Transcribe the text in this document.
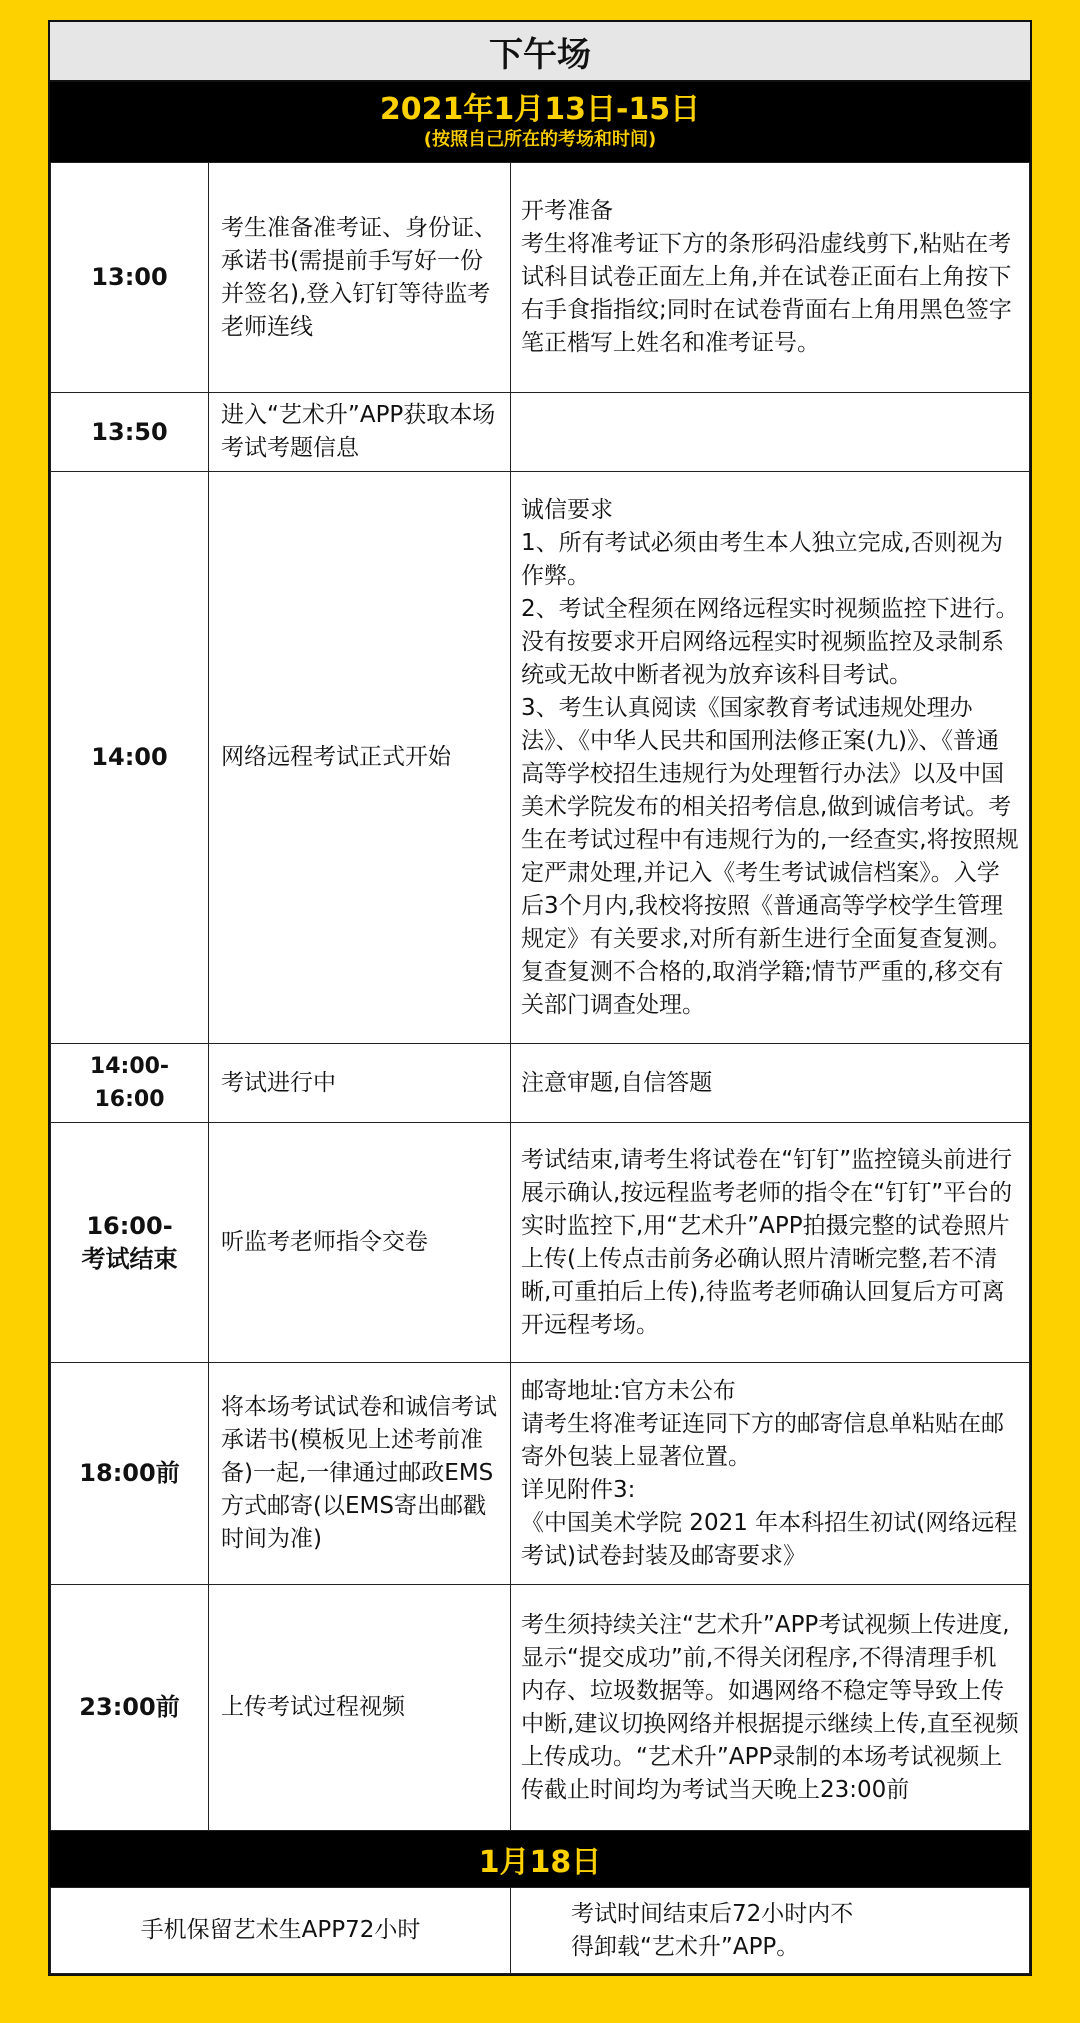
下午场
2021年1月13日-15日
(按照自己所在的考场和时间)
13:00	考生准备准考证、身份证、承诺书(需提前手写好一份并签名),登入钉钉等待监考老师连线	开考准备
考生将准考证下方的条形码沿虚线剪下,粘贴在考试科目试卷正面左上角,并在试卷正面右上角按下右手食指指纹;同时在试卷背面右上角用黑色签字笔正楷写上姓名和准考证号。
13:50	进入“艺术升”APP获取本场考试考题信息	
14:00	网络远程考试正式开始	诚信要求
1、所有考试必须由考生本人独立完成,否则视为作弊。
2、考试全程须在网络远程实时视频监控下进行。没有按要求开启网络远程实时视频监控及录制系统或无故中断者视为放弃该科目考试。
3、考生认真阅读《国家教育考试违规处理办法》、《中华人民共和国刑法修正案(九)》、《普通高等学校招生违规行为处理暂行办法》以及中国美术学院发布的相关招考信息,做到诚信考试。考生在考试过程中有违规行为的,一经查实,将按照规定严肃处理,并记入《考生考试诚信档案》。入学后3个月内,我校将按照《普通高等学校学生管理规定》有关要求,对所有新生进行全面复查复测。复查复测不合格的,取消学籍;情节严重的,移交有关部门调查处理。
14:00-16:00	考试进行中	注意审题,自信答题
16:00-
考试结束	听监考老师指令交卷	考试结束,请考生将试卷在“钉钉”监控镜头前进行展示确认,按远程监考老师的指令在“钉钉”平台的实时监控下,用“艺术升”APP拍摄完整的试卷照片上传(上传点击前务必确认照片清晰完整,若不清晰,可重拍后上传),待监考老师确认回复后方可离开远程考场。
18:00前	将本场考试试卷和诚信考试承诺书(模板见上述考前准备)一起,一律通过邮政EMS方式邮寄(以EMS寄出邮戳时间为准)	邮寄地址:官方未公布
请考生将准考证连同下方的邮寄信息单粘贴在邮寄外包装上显著位置。
详见附件3:
《中国美术学院 2021 年本科招生初试(网络远程考试)试卷封装及邮寄要求》
23:00前	上传考试过程视频	考生须持续关注“艺术升”APP考试视频上传进度,显示“提交成功”前,不得关闭程序,不得清理手机内存、垃圾数据等。如遇网络不稳定等导致上传中断,建议切换网络并根据提示继续上传,直至视频上传成功。“艺术升”APP录制的本场考试视频上传截止时间均为考试当天晚上23:00前
1月18日
手机保留艺术生APP72小时	考试时间结束后72小时内不
得卸载“艺术升”APP。
